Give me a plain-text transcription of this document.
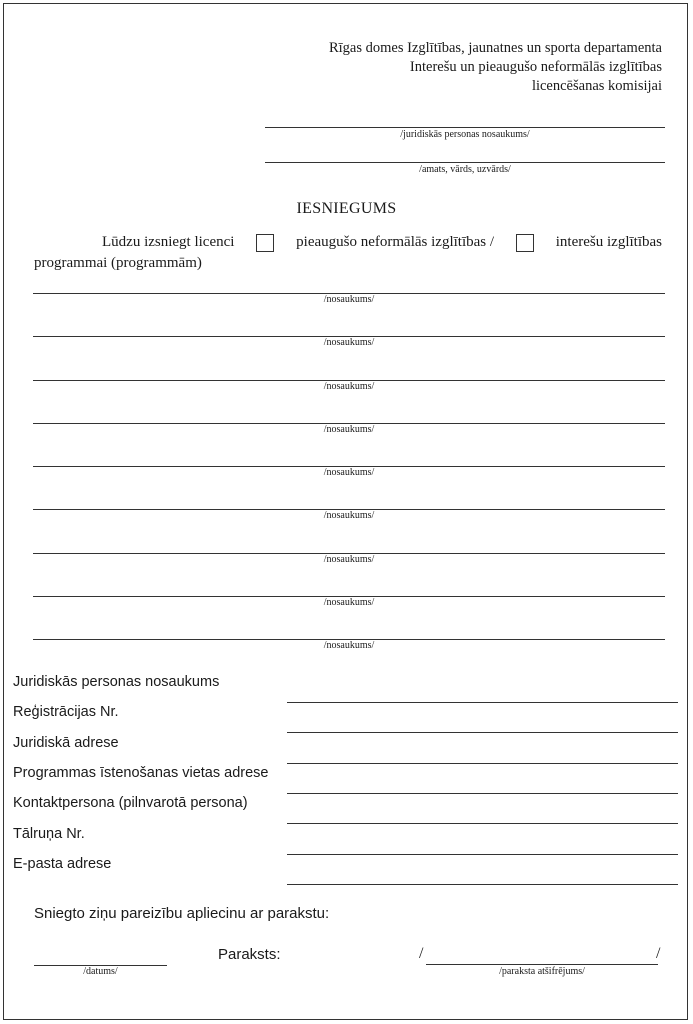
Rīgas domes Izglītības, jaunatnes un sporta departamenta
Interešu un pieaugušo neformālās izglītības
licencēšanas komisijai
/juridiskās personas nosaukums/
/amats, vārds, uzvārds/
IESNIEGUMS
Lūdzu izsniegt licenci	pieaugušo neformālās izglītības /	interešu izglītības
programmai (programmām)
/nosaukums/
/nosaukums/
/nosaukums/
/nosaukums/
/nosaukums/
/nosaukums/
/nosaukums/
/nosaukums/
/nosaukums/
Juridiskās personas nosaukums
Reģistrācijas Nr.
Juridiskā adrese
Programmas īstenošanas vietas adrese
Kontaktpersona (pilnvarotā persona)
Tālruņa Nr.
E-pasta adrese
Sniegto ziņu pareizību apliecinu ar parakstu:
/datums/
Paraksts:	/	/
/paraksta atšifrējums/
